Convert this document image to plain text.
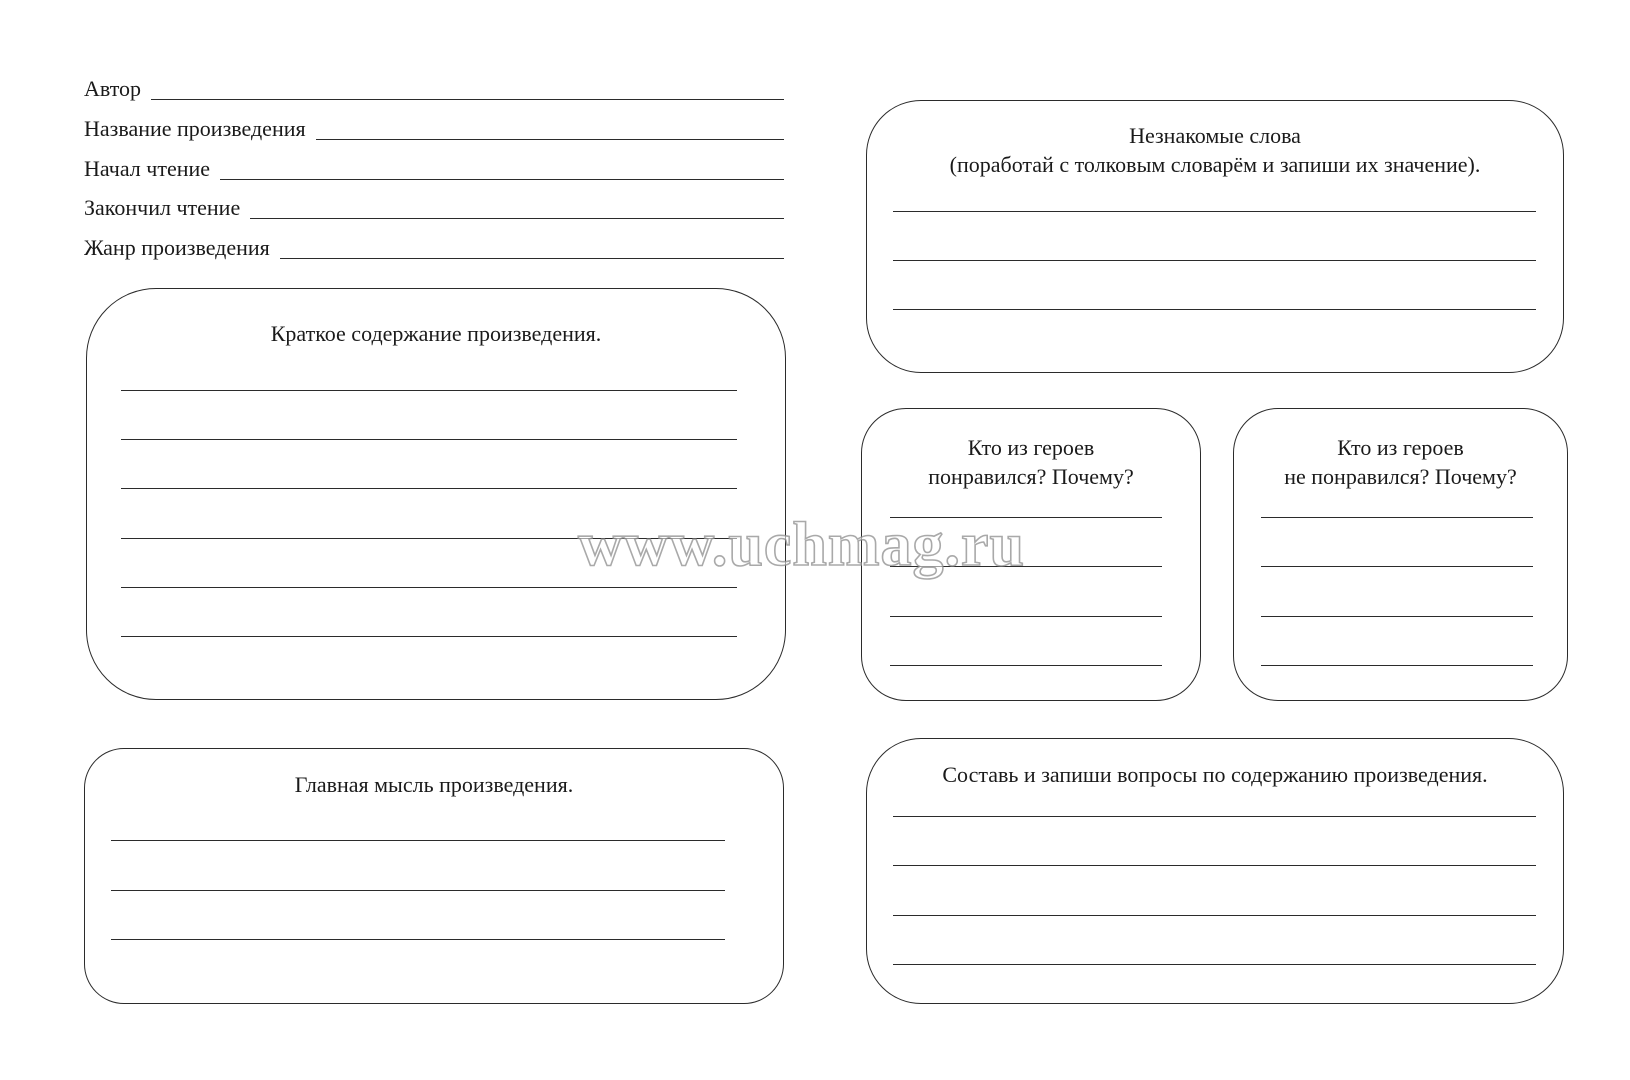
Автор
Название произведения
Начал чтение
Закончил чтение
Жанр произведения
Краткое содержание произведения.
Главная мысль произведения.
Незнакомые слова
(поработай с толковым словарём и запиши их значение).
Кто из героев
понравился? Почему?
Кто из героев
не понравился? Почему?
Составь и запиши вопросы по содержанию произведения.
www.uchmag.ru
